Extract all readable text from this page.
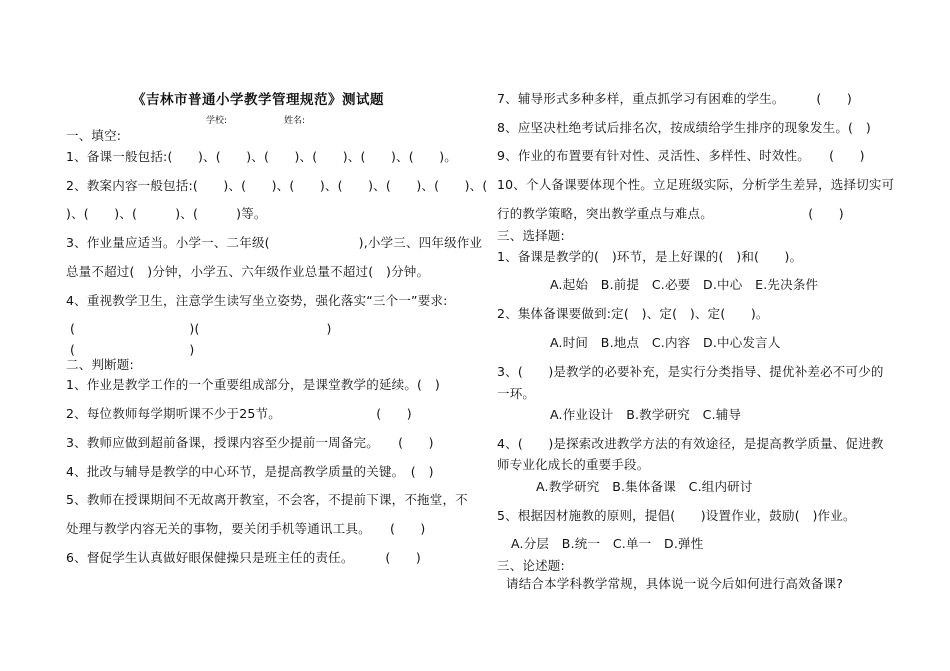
《吉林市普通小学教学管理规范》测试题
学校:	姓名:
一、填空:
1、备课一般包括:(　　)、(　　)、(　　)、(　　)、(　　)、(　　)。
2、教案内容一般包括:(　　)、(　　)、(　　)、(　　)、(　　)、(　　)、(
)、(　　)、(　　　)、(　　　)等。
3、作业量应适当。小学一、二年级(　　　　　　　),小学三、四年级作业
总量不超过(　)分钟，小学五、六年级作业总量不超过(　)分钟。
4、重视教学卫生，注意学生读写坐立姿势，强化落实“三个一”要求:
(　　　　　　　　　)(　　　　　　　　　　)
(　　　　　　　　　)
二、判断题:
1、作业是教学工作的一个重要组成部分，是课堂教学的延续。(　)
2、每位教师每学期听课不少于25节。　　　　　　　　(　　)
3、教师应做到超前备课，授课内容至少提前一周备完。　　(　　)
4、批改与辅导是教学的中心环节，是提高教学质量的关键。　(　)
5、教师在授课期间不无故离开教室，不会客，不提前下课，不拖堂，不
处理与教学内容无关的事物，要关闭手机等通讯工具。　　(　　)
6、督促学生认真做好眼保健操只是班主任的责任。　　　(　　)
7、辅导形式多种多样，重点抓学习有困难的学生。　　　(　　)
8、应坚决杜绝考试后排名次，按成绩给学生排序的现象发生。(　)
9、作业的布置要有针对性、灵活性、多样性、时效性。　　(　　)
10、个人备课要体现个性。立足班级实际，分析学生差异，选择切实可
行的教学策略，突出教学重点与难点。　　　　　　　　(　　)
三、选择题:
1、备课是教学的(　)环节，是上好课的(　)和(　　)。
A.起始　B.前提　C.必要　D.中心　E.先决条件
2、集体备课要做到:定(　)、定(　)、定(　　)。
A.时间　B.地点　C.内容　D.中心发言人
3、(　　)是教学的必要补充，是实行分类指导、提优补差必不可少的
一环。
A.作业设计　B.教学研究　C.辅导
4、(　　)是探索改进教学方法的有效途径，是提高教学质量、促进教
师专业化成长的重要手段。
A.教学研究　B.集体备课　C.组内研讨
5、根据因材施教的原则，提倡(　　)设置作业，鼓励(　)作业。
A.分层　B.统一　C.单一　D.弹性
三、论述题:
请结合本学科教学常规，具体说一说今后如何进行高效备课?
